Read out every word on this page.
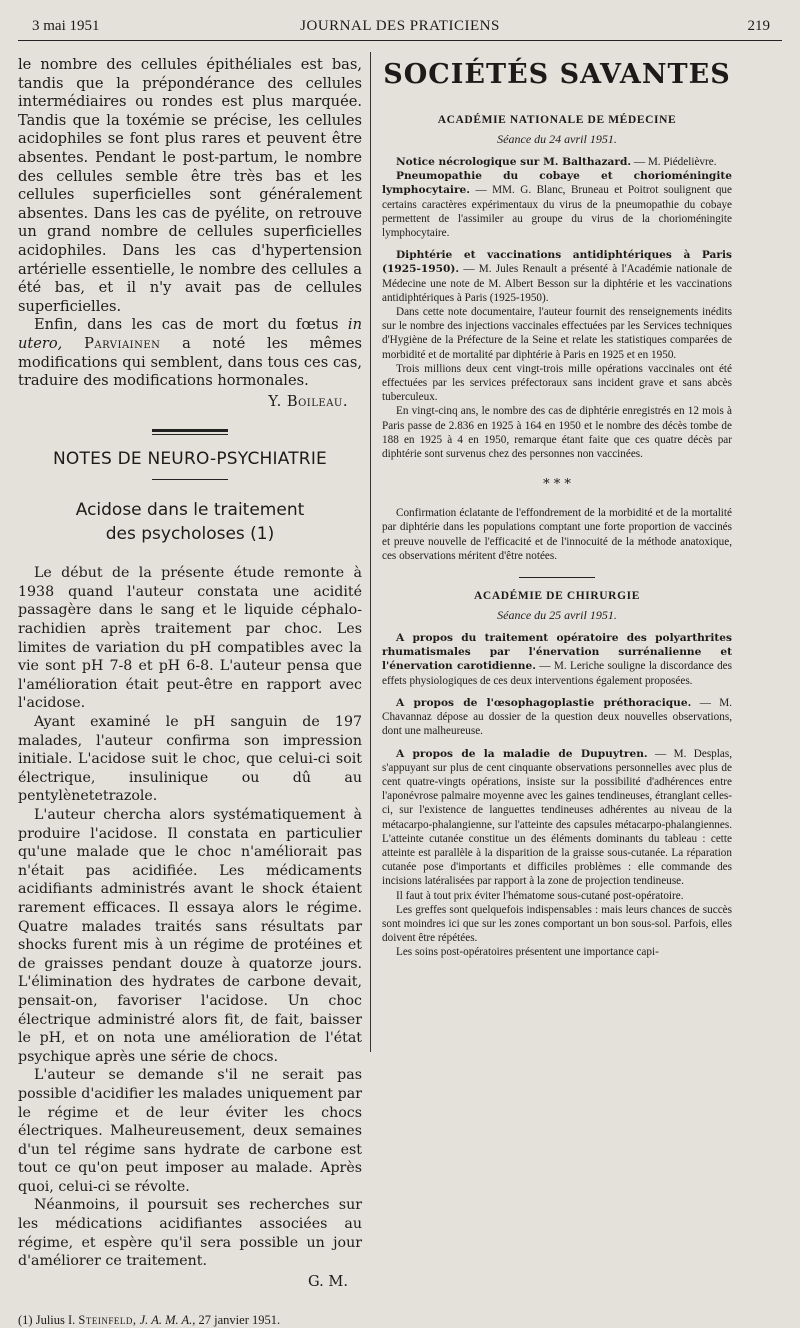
3 mai 1951	JOURNAL DES PRATICIENS	219

le nombre des cellules épithéliales est bas, tandis que la prépondérance des cellules intermédiaires ou rondes est plus marquée. Tandis que la toxémie se précise, les cellules acidophiles se font plus rares et peuvent être absentes. Pendant le post-partum, le nombre des cellules semble être très bas et les cellules superficielles sont généralement absentes. Dans les cas de pyélite, on retrouve un grand nombre de cellules superficielles acidophiles. Dans les cas d'hypertension artérielle essentielle, le nombre des cellules a été bas, et il n'y avait pas de cellules superficielles.

Enfin, dans les cas de mort du fœtus in utero, Parviainen a noté les mêmes modifications qui semblent, dans tous ces cas, traduire des modifications hormonales.

Y. Boileau.
NOTES DE NEURO-PSYCHIATRIE
Acidose dans le traitement
des psycholoses (1)

Le début de la présente étude remonte à 1938 quand l'auteur constata une acidité passagère dans le sang et le liquide céphalo-rachidien après traitement par choc. Les limites de variation du pH compatibles avec la vie sont pH 7-8 et pH 6-8. L'auteur pensa que l'amélioration était peut-être en rapport avec l'acidose.

Ayant examiné le pH sanguin de 197 malades, l'auteur confirma son impression initiale. L'acidose suit le choc, que celui-ci soit électrique, insulinique ou dû au pentylènetetrazole.

L'auteur chercha alors systématiquement à produire l'acidose. Il constata en particulier qu'une malade que le choc n'améliorait pas n'était pas acidifiée. Les médicaments acidifiants administrés avant le shock étaient rarement efficaces. Il essaya alors le régime. Quatre malades traités sans résultats par shocks furent mis à un régime de protéines et de graisses pendant douze à quatorze jours. L'élimination des hydrates de carbone devait, pensait-on, favoriser l'acidose. Un choc électrique administré alors fit, de fait, baisser le pH, et on nota une amélioration de l'état psychique après une série de chocs.

L'auteur se demande s'il ne serait pas possible d'acidifier les malades uniquement par le régime et de leur éviter les chocs électriques. Malheureusement, deux semaines d'un tel régime sans hydrate de carbone est tout ce qu'on peut imposer au malade. Après quoi, celui-ci se révolte.

Néanmoins, il poursuit ses recherches sur les médications acidifiantes associées au régime, et espère qu'il sera possible un jour d'améliorer ce traitement.

G. M.
(1) Julius I. Steinfeld, J. A. M. A., 27 janvier 1951.
SOCIÉTÉS SAVANTES
ACADÉMIE NATIONALE DE MÉDECINE
Séance du 24 avril 1951.

Notice nécrologique sur M. Balthazard. — M. Piédelièvre.

Pneumopathie du cobaye et chorioméningite lymphocytaire. — MM. G. Blanc, Bruneau et Poitrot soulignent que certains caractères expérimentaux du virus de la pneumopathie du cobaye permettent de l'assimiler au groupe du virus de la chorioméningite lymphocytaire.

Diphtérie et vaccinations antidiphtériques à Paris (1925-1950). — M. Jules Renault a présenté à l'Académie nationale de Médecine une note de M. Albert Besson sur la diphtérie et les vaccinations antidiphtériques à Paris (1925-1950).

Dans cette note documentaire, l'auteur fournit des renseignements inédits sur le nombre des injections vaccinales effectuées par les Services techniques d'Hygiène de la Préfecture de la Seine et relate les statistiques comparées de morbidité et de mortalité par diphtérie à Paris en 1925 et en 1950.

Trois millions deux cent vingt-trois mille opérations vaccinales ont été effectuées par les services préfectoraux sans incident grave et sans abcès tuberculeux.

En vingt-cinq ans, le nombre des cas de diphtérie enregistrés en 12 mois à Paris passe de 2.836 en 1925 à 164 en 1950 et le nombre des décès tombe de 188 en 1925 à 4 en 1950, remarque étant faite que ces quatre décès par diphtérie sont survenus chez des personnes non vaccinées.

* * *

Confirmation éclatante de l'effondrement de la morbidité et de la mortalité par diphtérie dans les populations comptant une forte proportion de vaccinés et preuve nouvelle de l'efficacité et de l'innocuité de la méthode anatoxique, ces observations méritent d'être notées.

ACADÉMIE DE CHIRURGIE
Séance du 25 avril 1951.

A propos du traitement opératoire des polyarthrites rhumatismales par l'énervation surrénalienne et l'énervation carotidienne. — M. Leriche souligne la discordance des effets physiologiques de ces deux interventions également proposées.

A propos de l'œsophagoplastie préthoracique. — M. Chavannaz dépose au dossier de la question deux nouvelles observations, dont une malheureuse.

A propos de la maladie de Dupuytren. — M. Desplas, s'appuyant sur plus de cent cinquante observations personnelles avec plus de cent quatre-vingts opérations, insiste sur la possibilité d'adhérences entre l'aponévrose palmaire moyenne avec les gaines tendineuses, étranglant celles-ci, sur l'existence de languettes tendineuses adhérentes au niveau de la métacarpo-phalangienne, sur l'atteinte des capsules métacarpo-phalangiennes. L'atteinte cutanée constitue un des éléments dominants du tableau : cette atteinte est parallèle à la disparition de la graisse sous-cutanée. La réparation cutanée pose d'importants et difficiles problèmes : elle commande des incisions latéralisées par rapport à la zone de projection tendineuse.

Il faut à tout prix éviter l'hématome sous-cutané post-opératoire.

Les greffes sont quelquefois indispensables : mais leurs chances de succès sont moindres ici que sur les zones comportant un bon sous-sol. Parfois, elles doivent être répétées.

Les soins post-opératoires présentent une importance capi-
